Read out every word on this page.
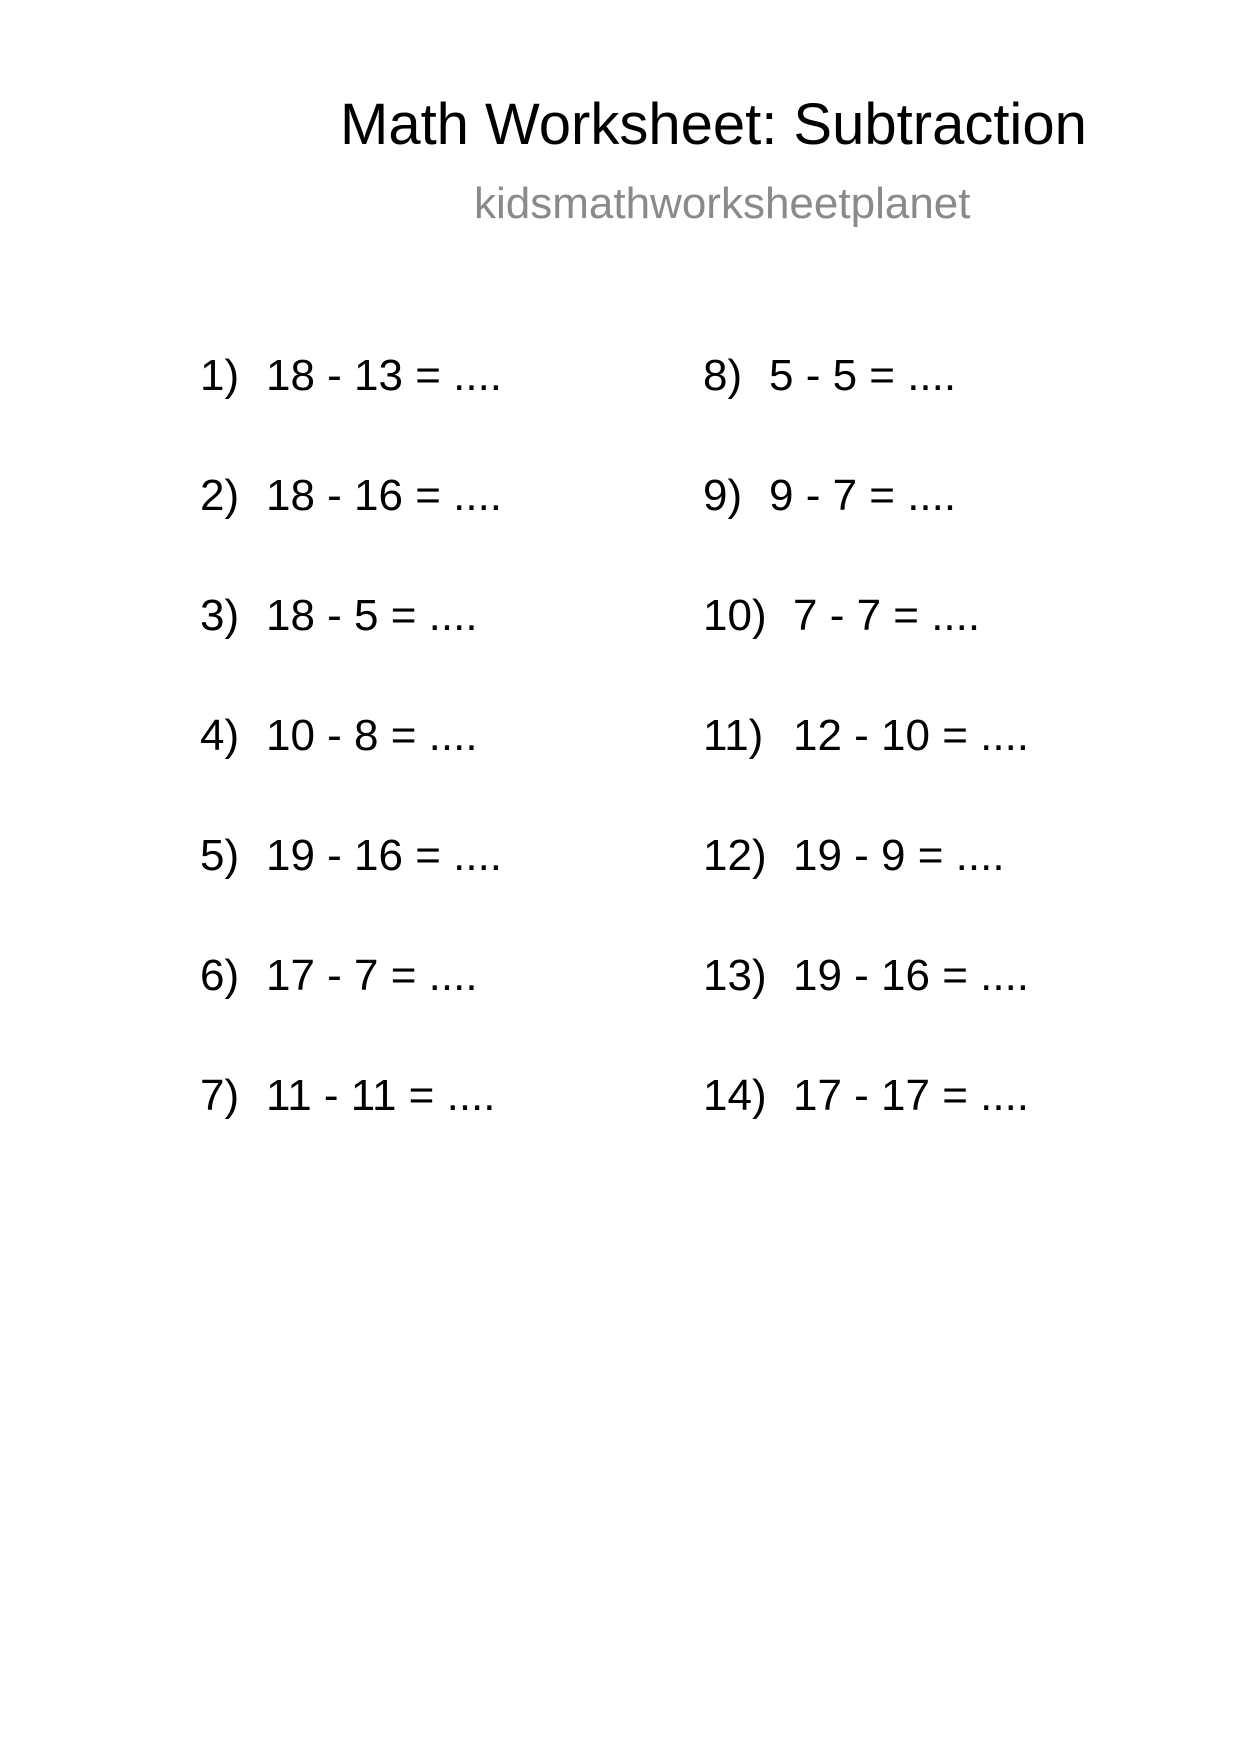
Math Worksheet: Subtraction

kidsmathworksheetplanet

1) 18 - 13 = ....
2) 18 - 16 = ....
3) 18 - 5 = ....
4) 10 - 8 = ....
5) 19 - 16 = ....
6) 17 - 7 = ....
7) 11 - 11 = ....
8) 5 - 5 = ....
9) 9 - 7 = ....
10) 7 - 7 = ....
11) 12 - 10 = ....
12) 19 - 9 = ....
13) 19 - 16 = ....
14) 17 - 17 = ....
